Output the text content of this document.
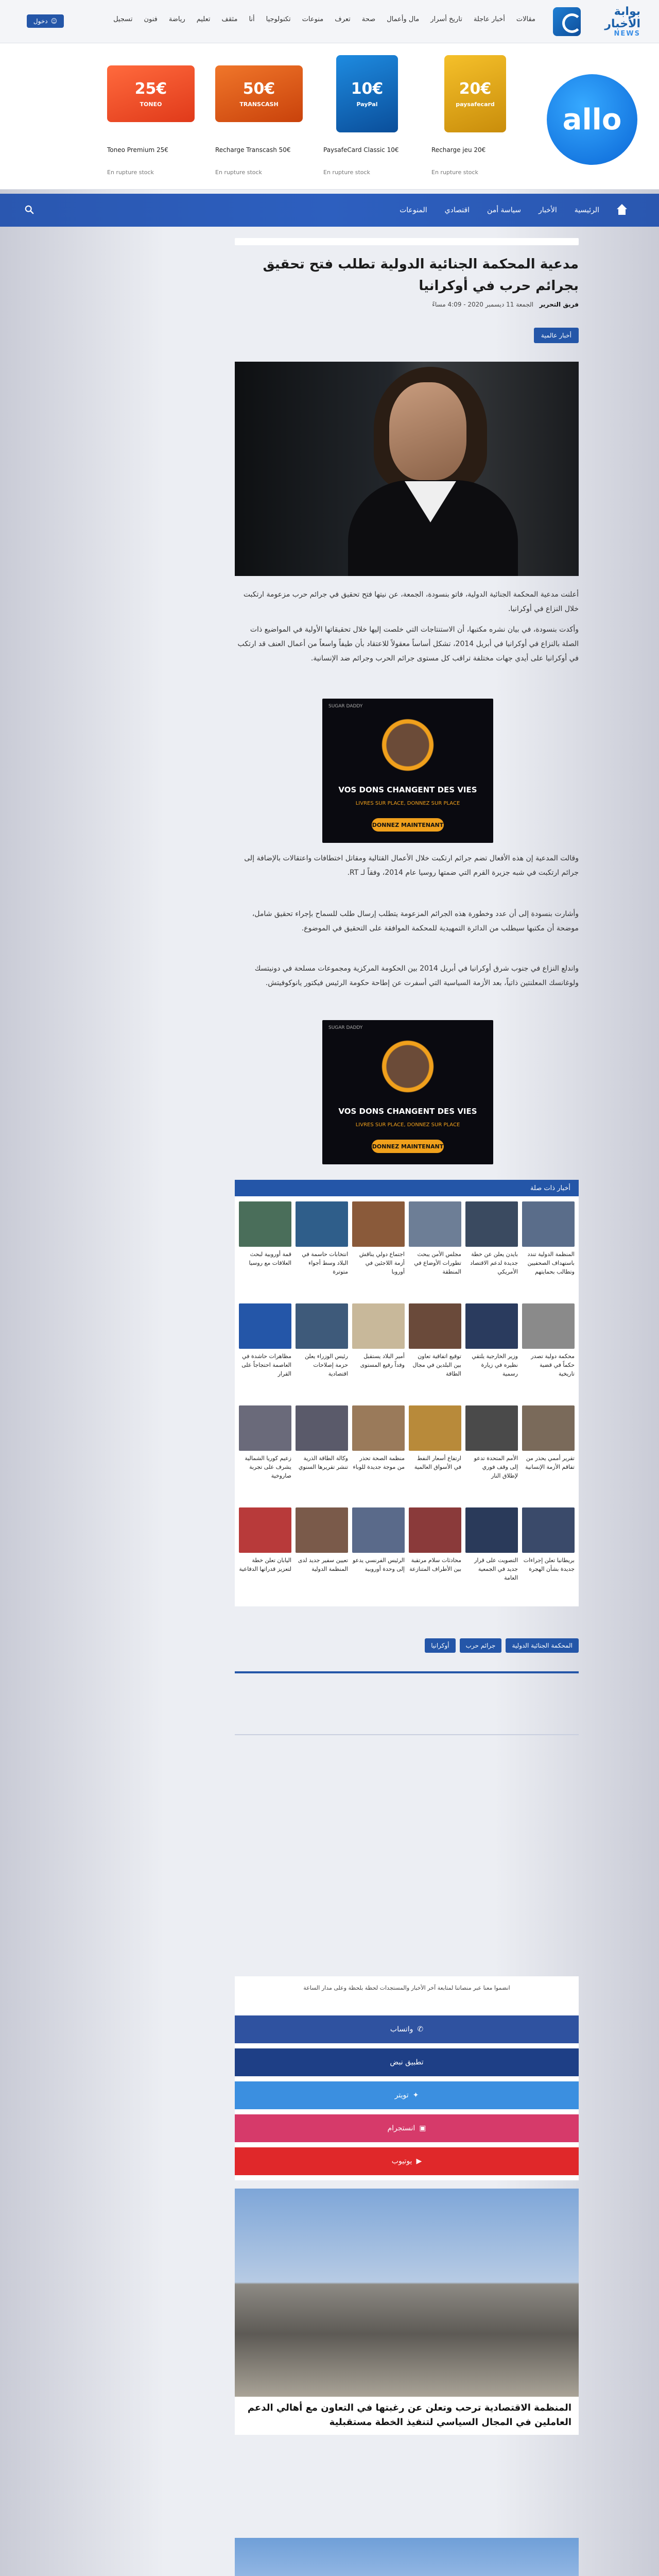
بوابة الأخبار
NEWS
مقالات
أخبار عاجلة
تاريخ أسرار
مال وأعمال
صحة
تعرف
منوعات
تكنولوجيا
أنا
مثقف
تعليم
رياضة
فنون
تسجيل
☺
دخول
allo
20€
paysafecard
Recharge jeu 20€
En rupture stock
10€
PayPal
PaysafeCard Classic 10€
En rupture stock
50€
TRANSCASH
Recharge Transcash 50€
En rupture stock
25€
TONEO
Toneo Premium 25€
En rupture stock
الرئيسية
الأخبار
سياسة أمن
اقتصادي
المنوعات
مدعية المحكمة الجنائية الدولية تطلب فتح تحقيق بجرائم حرب في أوكرانيا
فريق التحرير   الجمعة 11 ديسمبر 2020 - 4:09 مساءً
أخبار عالمية

أعلنت مدعية المحكمة الجنائية الدولية، فاتو بنسودة، الجمعة، عن نيتها فتح تحقيق في جرائم حرب مزعومة ارتكبت خلال النزاع في أوكرانيا.

وأكدت بنسودة، في بيان نشره مكتبها، أن الاستنتاجات التي خلصت إليها خلال تحقيقاتها الأولية في المواضيع ذات الصلة بالنزاع في أوكرانيا في أبريل 2014، تشكل أساساً معقولاً للاعتقاد بأن طيفاً واسعاً من أعمال العنف قد ارتكب في أوكرانيا على أيدي جهات مختلفة تراقب كل مستوى جرائم الحرب وجرائم ضد الإنسانية.

SUGAR DADDY
VOS DONS CHANGENT DES VIES
LIVRES SUR PLACE, DONNEZ SUR PLACE
DONNEZ MAINTENANT

وقالت المدعية إن هذه الأفعال تضم جرائم ارتكبت خلال الأعمال القتالية ومقاتل اختطافات واعتقالات بالإضافة إلى جرائم ارتكبت في شبه جزيرة القرم التي ضمتها روسيا عام 2014، وفقاً لـ RT.

وأشارت بنسودة إلى أن عدد وخطورة هذه الجرائم المزعومة يتطلب إرسال طلب للسماح بإجراء تحقيق شامل، موضحة أن مكتبها سيطلب من الدائرة التمهيدية للمحكمة الموافقة على التحقيق في الموضوع.

واندلع النزاع في جنوب شرق أوكرانيا في أبريل 2014 بين الحكومة المركزية ومجموعات مسلحة في دونيتسك ولوغانسك المعلنتين ذاتياً، بعد الأزمة السياسية التي أسفرت عن إطاحة حكومة الرئيس فيكتور يانوكوفيتش.

SUGAR DADDY
VOS DONS CHANGENT DES VIES
LIVRES SUR PLACE, DONNEZ SUR PLACE
DONNEZ MAINTENANT
أخبار ذات صلة
المنظمة الدولية تندد باستهداف الصحفيين وتطالب بحمايتهم
بايدن يعلن عن خطة جديدة لدعم الاقتصاد الأمريكي
مجلس الأمن يبحث تطورات الأوضاع في المنطقة
اجتماع دولي يناقش أزمة اللاجئين في أوروبا
انتخابات حاسمة في البلاد وسط أجواء متوترة
قمة أوروبية لبحث العلاقات مع روسيا
محكمة دولية تصدر حكماً في قضية تاريخية
وزير الخارجية يلتقي نظيره في زيارة رسمية
توقيع اتفاقية تعاون بين البلدين في مجال الطاقة
أمير البلاد يستقبل وفداً رفيع المستوى
رئيس الوزراء يعلن حزمة إصلاحات اقتصادية
مظاهرات حاشدة في العاصمة احتجاجاً على القرار
تقرير أممي يحذر من تفاقم الأزمة الإنسانية
الأمم المتحدة تدعو إلى وقف فوري لإطلاق النار
ارتفاع أسعار النفط في الأسواق العالمية
منظمة الصحة تحذر من موجة جديدة للوباء
وكالة الطاقة الذرية تنشر تقريرها السنوي
زعيم كوريا الشمالية يشرف على تجربة صاروخية
بريطانيا تعلن إجراءات جديدة بشأن الهجرة
التصويت على قرار جديد في الجمعية العامة
محادثات سلام مرتقبة بين الأطراف المتنازعة
الرئيس الفرنسي يدعو إلى وحدة أوروبية
تعيين سفير جديد لدى المنظمة الدولية
اليابان تعلن خطة لتعزيز قدراتها الدفاعية
المحكمة الجنائية الدولية
جرائم حرب
أوكرانيا
انضموا معنا عبر منصاتنا لمتابعة آخر الأخبار والمستجدات لحظة بلحظة وعلى مدار الساعة
✆
واتساب
تطبيق نبض
✦
تويتر
▣
انستجرام
▶
يوتيوب
المنظمة الاقتصادية ترحب وتعلن عن رغبتها في التعاون مع أهالي الدعم العاملين في المجال السياسي لتنفيذ الخطة مستقبلية
